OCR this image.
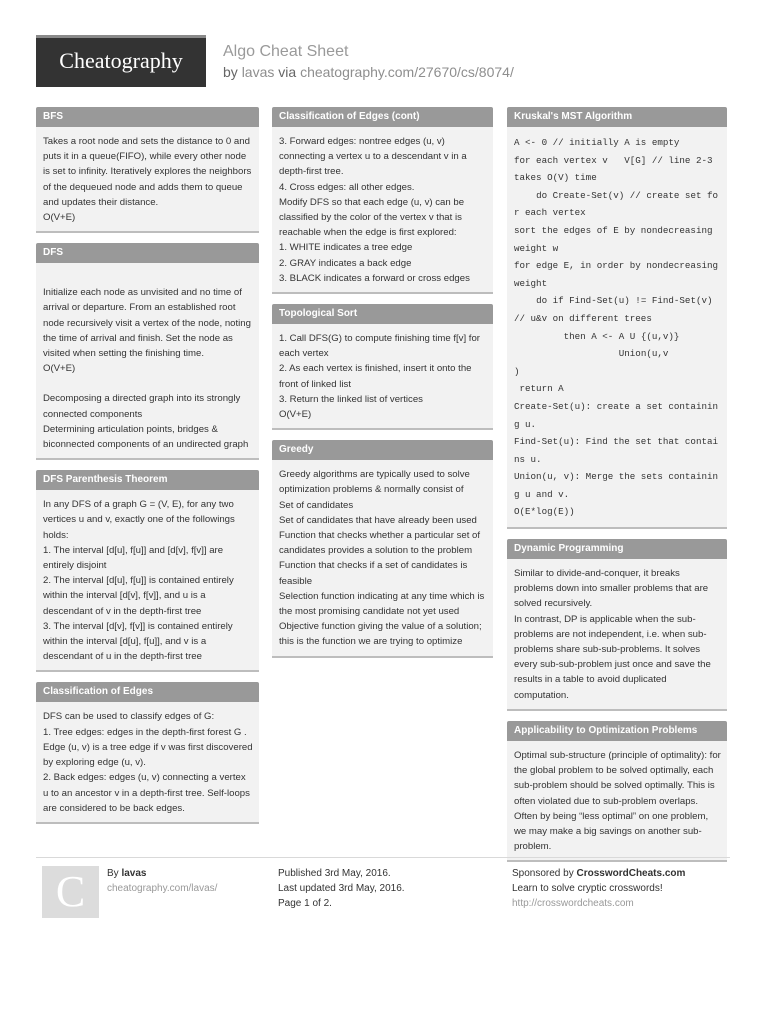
Cheatography	Algo Cheat Sheet
by lavas via cheatography.com/27670/cs/8074/
BFS

Takes a root node and sets the distance to 0 and puts it in a queue(FIFO), while every other node is set to infinity. Iteratively explores the neighbors of the dequeued node and adds them to queue and updates their distance.

O(V+E)

DFS

Initialize each node as unvisited and no time of arrival or departure. From an established root node recursively visit a vertex of the node, noting the time of arrival and finish. Set the node as visited when setting the finishing time.

O(V+E)

Decomposing a directed graph into its strongly connected components

Determining articulation points, bridges & biconnected components of an undirected graph

DFS Parenthesis Theorem

In any DFS of a graph G = (V, E), for any two vertices u and v, exactly one of the followings holds:

1. The interval [d[u], f[u]] and [d[v], f[v]] are entirely disjoint

2. The interval [d[u], f[u]] is contained entirely within the interval [d[v], f[v]], and u is a descendant of v in the depth-first tree

3. The interval [d[v], f[v]] is contained entirely within the interval [d[u], f[u]], and v is a descendant of u in the depth-first tree

Classification of Edges

DFS can be used to classify edges of G:

1. Tree edges: edges in the depth-first forest G . Edge (u, v) is a tree edge if v was first discovered by exploring edge (u, v).

2. Back edges: edges (u, v) connecting a vertex u to an ancestor v in a depth-first tree. Self-loops are considered to be back edges.

Classification of Edges (cont)

3. Forward edges: nontree edges (u, v) connecting a vertex u to a descendant v in a depth-first tree.

4. Cross edges: all other edges.

Modify DFS so that each edge (u, v) can be classified by the color of the vertex v that is reachable when the edge is first explored:

1. WHITE indicates a tree edge

2. GRAY indicates a back edge

3. BLACK indicates a forward or cross edges

Topological Sort

1. Call DFS(G) to compute finishing time f[v] for each vertex

2. As each vertex is finished, insert it onto the front of linked list

3. Return the linked list of vertices

O(V+E)

Greedy

Greedy algorithms are typically used to solve optimization problems & normally consist of

Set of candidates

Set of candidates that have already been used

Function that checks whether a particular set of candidates provides a solution to the problem

Function that checks if a set of candidates is feasible

Selection function indicating at any time which is the most promising candidate not yet used

Objective function giving the value of a solution; this is the function we are trying to optimize

Kruskal's MST Algorithm

A <- 0 // initially A is empty

for each vertex v   V[G] // line 2-3 takes O(V) time

do Create-Set(v) // create set for each vertex

sort the edges of E by nondecreasing weight w

for edge E, in order by nondecreasing weight

do if Find-Set(u) != Find-Set(v) // u&v on different trees

then A <- A U {(u,v)}

Union(u,v

)

return A

Create-Set(u): create a set containing u.

Find-Set(u): Find the set that contains u.

Union(u, v): Merge the sets containing u and v.

O(E*log(E))

Dynamic Programming

Similar to divide-and-conquer, it breaks problems down into smaller problems that are solved recursively.

In contrast, DP is applicable when the sub-problems are not independent, i.e. when sub-problems share sub-sub-problems. It solves every sub-sub-problem just once and save the results in a table to avoid duplicated computation.

Applicability to Optimization Problems

Optimal sub-structure (principle of optimality): for the global problem to be solved optimally, each sub-problem should be solved optimally. This is often violated due to sub-problem overlaps. Often by being “less optimal” on one problem, we may make a big savings on another sub-problem.

C	By lavas
cheatography.com/lavas/
Published 3rd May, 2016.
Last updated 3rd May, 2016.
Page 1 of 2.
Sponsored by CrosswordCheats.com
Learn to solve cryptic crosswords!
http://crosswordcheats.com
